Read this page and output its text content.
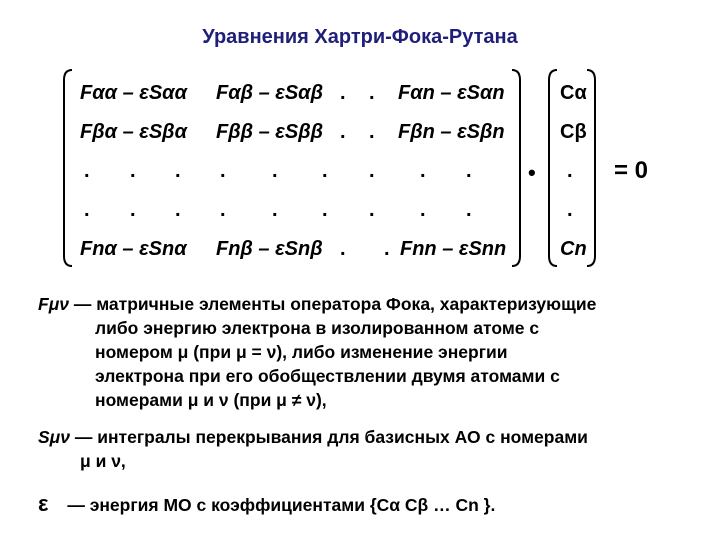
Уравнения Хартри-Фока-Рутана
Fαα – εSαα Fαβ – εSαβ . . Fαn – εSαn
Fβα – εSβα Fββ – εSββ . . Fβn – εSβn
. . . . . . . . .
. . . . . . . . .
Fnα – εSnα Fnβ – εSnβ . . Fnn – εSnn
•
Cα
Cβ
.
.
Cn
= 0
Fμν — матричные элементы оператора Фока, характеризующие
либо энергию электрона в изолированном атоме с
номером μ (при μ = ν), либо изменение энергии
электрона при его обобществлении двумя атомами с
номерами μ и ν (при μ ≠ ν),
Sμν — интегралы перекрывания для базисных АО с номерами
μ и ν,
ε — энергия МО с коэффициентами {Cα Cβ … Cn }.
